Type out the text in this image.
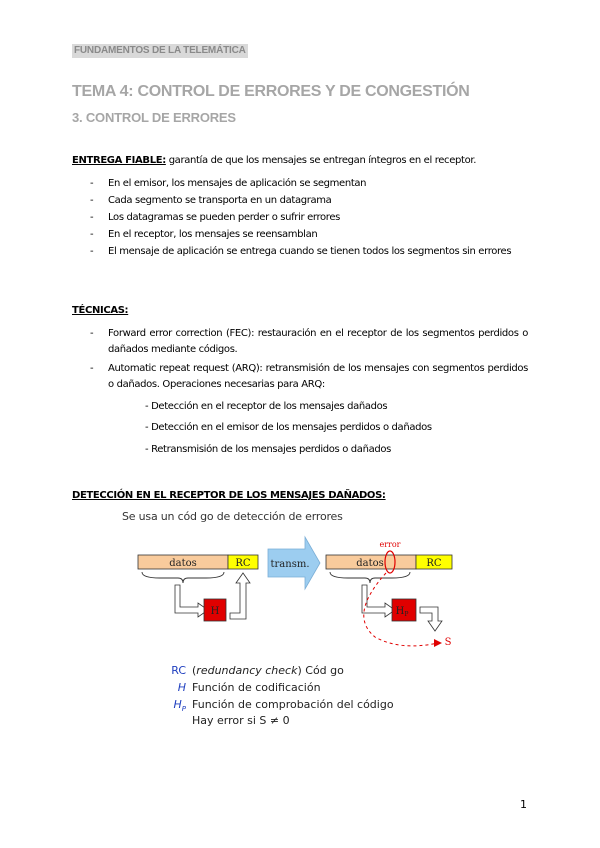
FUNDAMENTOS DE LA TELEMÁTICA
TEMA 4: CONTROL DE ERRORES Y DE CONGESTIÓN
3. CONTROL DE ERRORES
ENTREGA FIABLE: garantía de que los mensajes se entregan íntegros en el receptor.
- En el emisor, los mensajes de aplicación se segmentan
- Cada segmento se transporta en un datagrama
- Los datagramas se pueden perder o sufrir errores
- En el receptor, los mensajes se reensamblan
- El mensaje de aplicación se entrega cuando se tienen todos los segmentos sin errores
TÉCNICAS:
- Forward error correction (FEC): restauración en el receptor de los segmentos perdidos o dañados mediante códigos.
- Automatic repeat request (ARQ): retransmisión de los mensajes con segmentos perdidos o dañados. Operaciones necesarias para ARQ:
- Detección en el receptor de los mensajes dañados
- Detección en el emisor de los mensajes perdidos o dañados
- Retransmisión de los mensajes perdidos o dañados
DETECCIÓN EN EL RECEPTOR DE LOS MENSAJES DAÑADOS:
Se usa un cód go de detección de errores
datos	RC
H
transm.	datos	RC
error
$H_P$
S
RC (redundancy check) Cód go
H Función de codificación
$H_P$ Función de comprobación del código
Hay error si S ≠ 0
1
